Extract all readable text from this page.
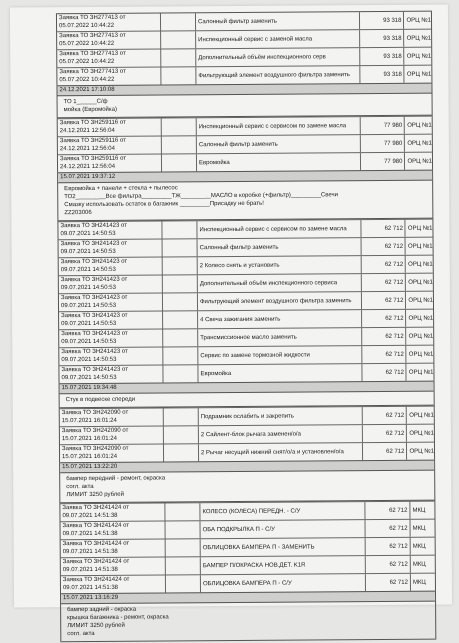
Заявка ТО ЗН277413 от
05.07.2022 10:44:22
Салонный фильтр заменить	93 318 ОРЦ №1
Заявка ТО ЗН277413 от
05.07.2022 10:44:22
Инспекционный сервис с заменой масла	93 318 ОРЦ №1
Заявка ТО ЗН277413 от
05.07.2022 10:44:22
Дополнительный объём инспекционного серв	93 318 ОРЦ №1
Заявка ТО ЗН277413 от
05.07.2022 10:44:22
Фильтрующий элемент воздушного фильтра заменить	93 318 ОРЦ №1
24.12.2021 17:10:08
ТО 1______С/ф
мойка (Евромойка)
Заявка ТО ЗН259116 от
24.12.2021 12:56:04
Инспекционный сервис с сервисом по замене масла	77 980 ОРЦ №1
Заявка ТО ЗН259116 от
24.12.2021 12:56:04
Салонный фильтр заменить	77 980 ОРЦ №1
Заявка ТО ЗН259116 от
24.12.2021 12:56:04
Евромойка	77 980 ОРЦ №1
15.07.2021 19:37:12
Евромойка + панели + стекла + пылесос
ТО2_________Все фильтра_________ТЖ_________МАСЛО в коробке (+фильтр)_________Свечи
Смазку использовать остаток в багажник _________Присадку не брать!
ZZ203006
Заявка ТО ЗН241423 от
09.07.2021 14:50:53
Инспекционный сервис с сервисом по замене масла	62 712 ОРЦ №1
Заявка ТО ЗН241423 от
09.07.2021 14:50:53
Салонный фильтр заменить	62 712 ОРЦ №1
Заявка ТО ЗН241423 от
09.07.2021 14:50:53
2 Колесо снять и установить	62 712 ОРЦ №1
Заявка ТО ЗН241423 от
09.07.2021 14:50:53
Дополнительный объём инспекционного сервиса	62 712 ОРЦ №1
Заявка ТО ЗН241423 от
09.07.2021 14:50:53
Фильтрующий элемент воздушного фильтра заменить	62 712 ОРЦ №1
Заявка ТО ЗН241423 от
09.07.2021 14:50:53
4 Свеча зажигания заменить	62 712 ОРЦ №1
Заявка ТО ЗН241423 от
09.07.2021 14:50:53
Трансмиссионное масло заменить	62 712 ОРЦ №1
Заявка ТО ЗН241423 от
09.07.2021 14:50:53
Сервис по замене тормозной жидкости	62 712 ОРЦ №1
Заявка ТО ЗН241423 от
09.07.2021 14:50:53
Евромойка	62 712 ОРЦ №1
15.07.2021 19:34:48
Стук в подвеске спереди
Заявка ТО ЗН242090 от
15.07.2021 16:01:24
Подрамник ослабить и закрепить	62 712 ОРЦ №1
Заявка ТО ЗН242090 от
15.07.2021 16:01:24
2 Сайлент-блок рычага заменен/о/а	62 712 ОРЦ №1
Заявка ТО ЗН242090 от
15.07.2021 16:01:24
2 Рычаг несущий нижний снят/о/а и установлен/о/а	62 712 ОРЦ №1
15.07.2021 13:22:20
бампер передний - ремонт, окраска
согл. акта
ЛИМИТ 3250 рублей
Заявка ТО ЗН241424 от
09.07.2021 14:51:38
КОЛЕСО (КОЛЕСА) ПЕРЕДН. - С/У	62 712 МКЦ
Заявка ТО ЗН241424 от
09.07.2021 14:51:38
ОБА ПОДКРЫЛКА П - С/У	62 712 МКЦ
Заявка ТО ЗН241424 от
09.07.2021 14:51:38
ОБЛИЦОВКА БАМПЕРА П - ЗАМЕНИТЬ	62 712 МКЦ
Заявка ТО ЗН241424 от
09.07.2021 14:51:38
БАМПЕР П/ОКРАСКА НОВ.ДЕТ. K1R	62 712 МКЦ
Заявка ТО ЗН241424 от
09.07.2021 14:51:38
ОБЛИЦОВКА БАМПЕРА П - С/У	62 712 МКЦ
15.07.2021 13:16:29
бампер задний - окраска
крышка багажника - ремонт, окраска
ЛИМИТ 3250 рублей
согл. акта
